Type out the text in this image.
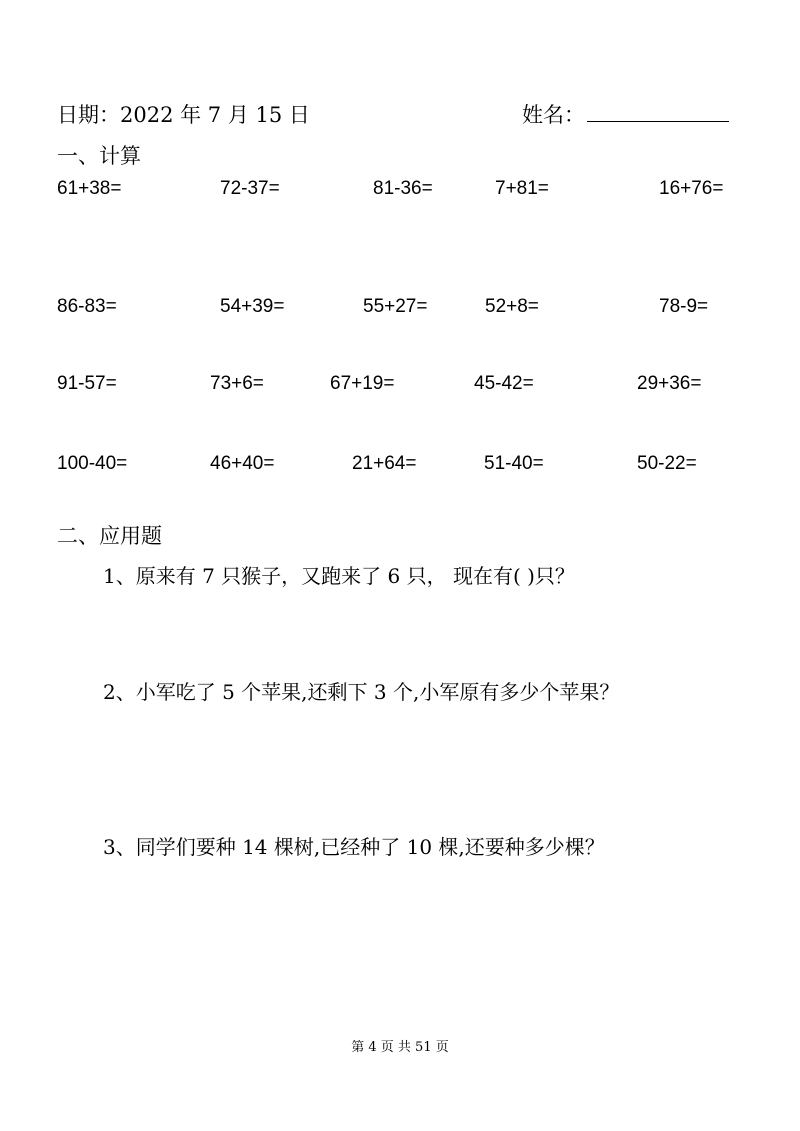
日期：2022 年 7 月 15 日	姓名：
一、计算
61+38=	72-37=	81-36=	7+81=	16+76=
86-83=	54+39=	55+27=	52+8=	78-9=
91-57=	73+6=	67+19=	45-42=	29+36=
100-40=	46+40=	21+64=	51-40=	50-22=
二、应用题
1、原来有 7 只猴子，又跑来了 6 只， 现在有( )只？
2、小军吃了 5 个苹果,还剩下 3 个,小军原有多少个苹果？
3、同学们要种 14 棵树,已经种了 10 棵,还要种多少棵？
第 4 页 共 51 页
